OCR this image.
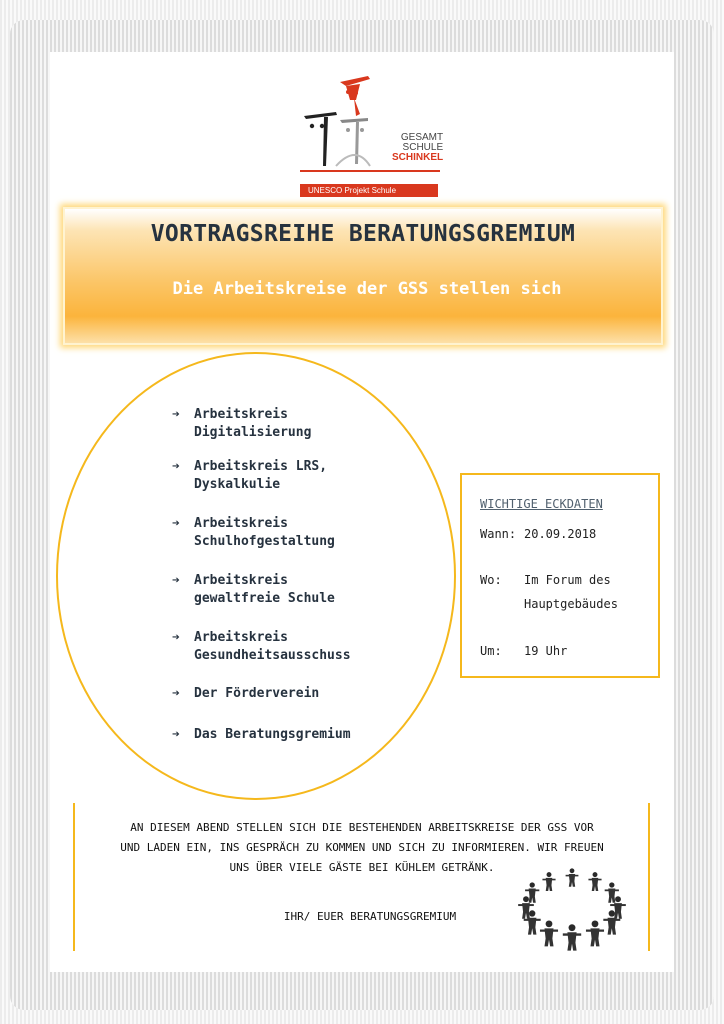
GESAMT
SCHULE
SCHINKEL
UNESCO Projekt Schule
VORTRAGSREIHE BERATUNGSGREMIUM
Die Arbeitskreise der GSS stellen sich
➔	Arbeitskreis
Digitalisierung
➔	Arbeitskreis LRS,
Dyskalkulie
➔	Arbeitskreis
Schulhofgestaltung
➔	Arbeitskreis
gewaltfreie Schule
➔	Arbeitskreis
Gesundheitsausschuss
➔	Der Förderverein
➔	Das Beratungsgremium
WICHTIGE ECKDATEN
Wann: 20.09.2018
Wo: Im Forum des
Hauptgebäudes
Um: 19 Uhr
AN DIESEM ABEND STELLEN SICH DIE BESTEHENDEN ARBEITSKREISE DER GSS VOR
UND LADEN EIN, INS GESPRÄCH ZU KOMMEN UND SICH ZU INFORMIEREN. WIR FREUEN
UNS ÜBER VIELE GÄSTE BEI KÜHLEM GETRÄNK.
IHR/ EUER BERATUNGSGREMIUM
